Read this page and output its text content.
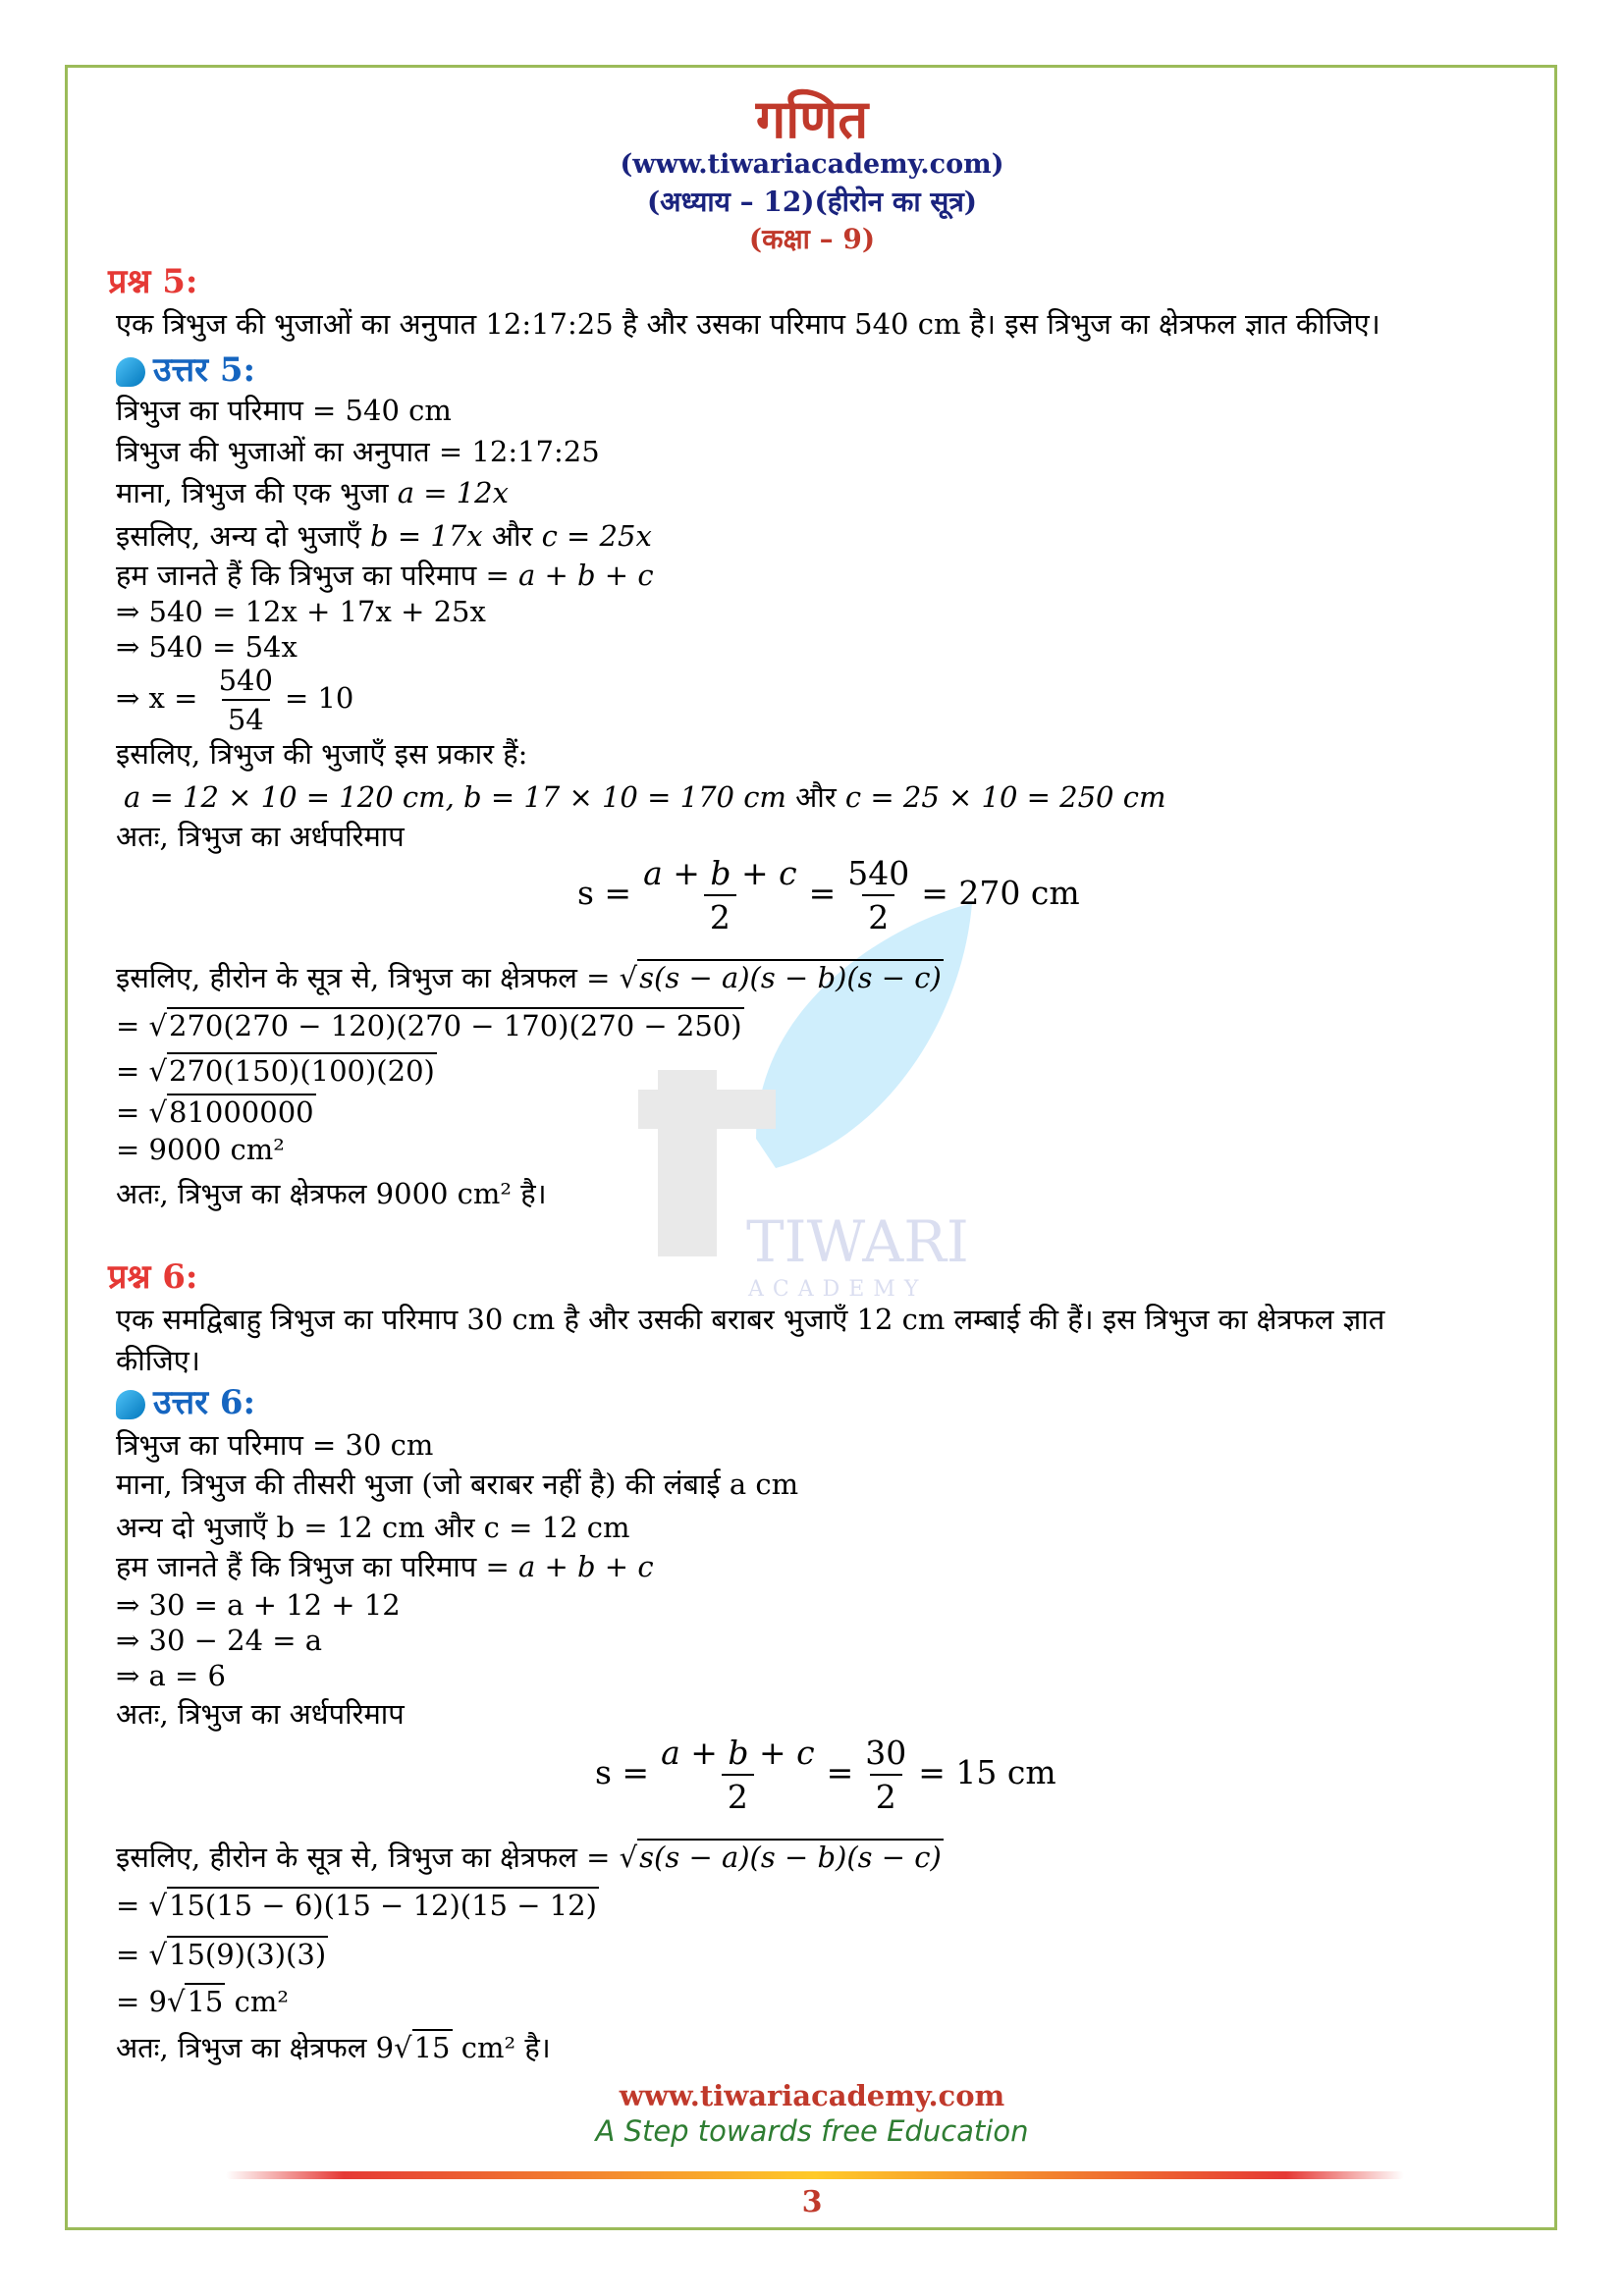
TIWARI
ACADEMY
गणित
(www.tiwariacademy.com)
(अध्याय – 12)(हीरोन का सूत्र)
(कक्षा – 9)
प्रश्न 5:
एक त्रिभुज की भुजाओं का अनुपात 12:17:25 है और उसका परिमाप 540 cm है। इस त्रिभुज का क्षेत्रफल ज्ञात कीजिए।
उत्तर 5:
त्रिभुज का परिमाप = 540 cm
त्रिभुज की भुजाओं का अनुपात = 12:17:25
माना, त्रिभुज की एक भुजा a = 12x
इसलिए, अन्य दो भुजाएँ b = 17x और c = 25x
हम जानते हैं कि त्रिभुज का परिमाप = a + b + c
⇒ 540 = 12x + 17x + 25x
⇒ 540 = 54x
⇒ $x = \frac{540}{54} = 10$
इसलिए, त्रिभुज की भुजाएँ इस प्रकार हैं:
a = 12 × 10 = 120 cm, b = 17 × 10 = 170 cm और c = 25 × 10 = 250 cm
अतः, त्रिभुज का अर्धपरिमाप
$s = \frac{a + b + c}{2} = \frac{540}{2} = 270$ cm
इसलिए, हीरोन के सूत्र से, त्रिभुज का क्षेत्रफल = √s(s − a)(s − b)(s − c)
= √270(270 − 120)(270 − 170)(270 − 250)
= √270(150)(100)(20)
= √81000000
= 9000 cm²
अतः, त्रिभुज का क्षेत्रफल 9000 cm² है।
प्रश्न 6:
एक समद्विबाहु त्रिभुज का परिमाप 30 cm है और उसकी बराबर भुजाएँ 12 cm लम्बाई की हैं। इस त्रिभुज का क्षेत्रफल ज्ञात
कीजिए।
उत्तर 6:
त्रिभुज का परिमाप = 30 cm
माना, त्रिभुज की तीसरी भुजा (जो बराबर नहीं है) की लंबाई a cm
अन्य दो भुजाएँ b = 12 cm और c = 12 cm
हम जानते हैं कि त्रिभुज का परिमाप = a + b + c
⇒ 30 = a + 12 + 12
⇒ 30 − 24 = a
⇒ a = 6
अतः, त्रिभुज का अर्धपरिमाप
$s = \frac{a + b + c}{2} = \frac{30}{2} = 15$ cm
इसलिए, हीरोन के सूत्र से, त्रिभुज का क्षेत्रफल = √s(s − a)(s − b)(s − c)
= √15(15 − 6)(15 − 12)(15 − 12)
= √15(9)(3)(3)
= 9√15 cm²
अतः, त्रिभुज का क्षेत्रफल 9√15 cm² है।
www.tiwariacademy.com
A Step towards free Education
3
